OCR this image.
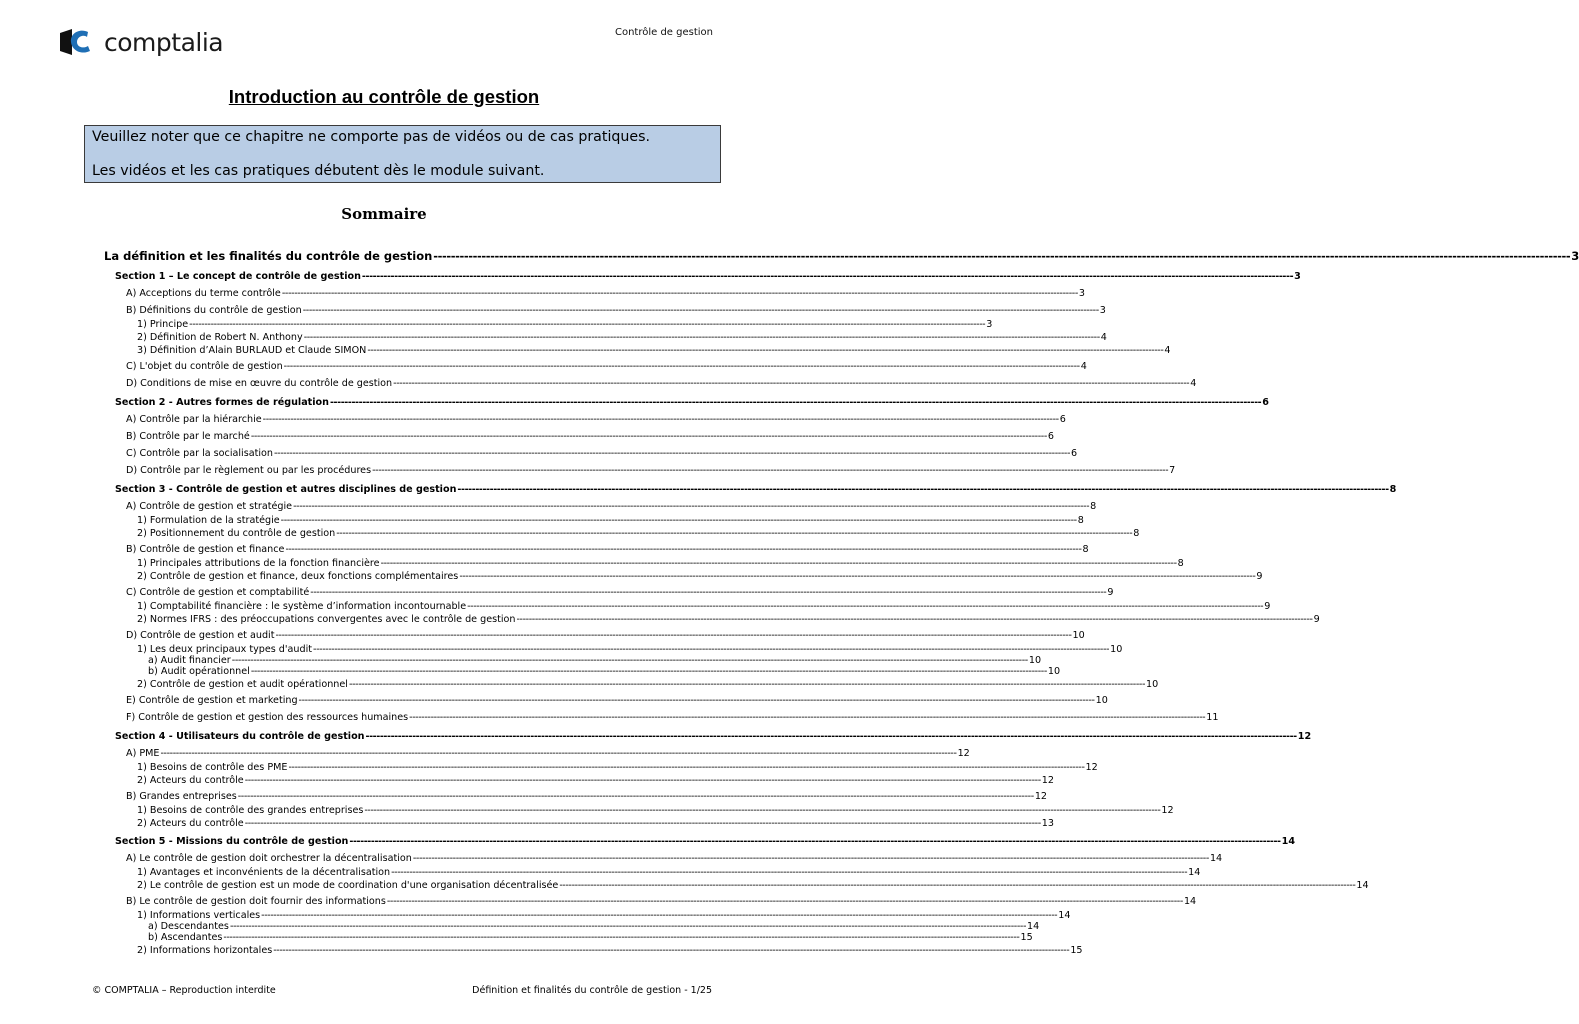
comptalia	Contrôle de gestion
Introduction au contrôle de gestion

Veuillez noter que ce chapitre ne comporte pas de vidéos ou de cas pratiques.

Les vidéos et les cas pratiques débutent dès le module suivant.

Sommaire
La définition et les finalités du contrôle de gestion -------------------------------------------------------------------------------------------------------------------------------------------------------------------------------------------------------------------------------------------------------------------- 3
Section 1 – Le concept de contrôle de gestion -------------------------------------------------------------------------------------------------------------------------------------------------------------------------------------------------------------------------------------------------------------------- 3
A) Acceptions du terme contrôle -------------------------------------------------------------------------------------------------------------------------------------------------------------------------------------------------------------------------------------------------------------------- 3
B) Définitions du contrôle de gestion -------------------------------------------------------------------------------------------------------------------------------------------------------------------------------------------------------------------------------------------------------------------- 3
1) Principe -------------------------------------------------------------------------------------------------------------------------------------------------------------------------------------------------------------------------------------------------------------------- 3
2) Définition de Robert N. Anthony -------------------------------------------------------------------------------------------------------------------------------------------------------------------------------------------------------------------------------------------------------------------- 4
3) Définition d’Alain BURLAUD et Claude SIMON -------------------------------------------------------------------------------------------------------------------------------------------------------------------------------------------------------------------------------------------------------------------- 4
C) L'objet du contrôle de gestion -------------------------------------------------------------------------------------------------------------------------------------------------------------------------------------------------------------------------------------------------------------------- 4
D) Conditions de mise en œuvre du contrôle de gestion -------------------------------------------------------------------------------------------------------------------------------------------------------------------------------------------------------------------------------------------------------------------- 4
Section 2 - Autres formes de régulation -------------------------------------------------------------------------------------------------------------------------------------------------------------------------------------------------------------------------------------------------------------------- 6
A) Contrôle par la hiérarchie -------------------------------------------------------------------------------------------------------------------------------------------------------------------------------------------------------------------------------------------------------------------- 6
B) Contrôle par le marché -------------------------------------------------------------------------------------------------------------------------------------------------------------------------------------------------------------------------------------------------------------------- 6
C) Contrôle par la socialisation -------------------------------------------------------------------------------------------------------------------------------------------------------------------------------------------------------------------------------------------------------------------- 6
D) Contrôle par le règlement ou par les procédures -------------------------------------------------------------------------------------------------------------------------------------------------------------------------------------------------------------------------------------------------------------------- 7
Section 3 - Contrôle de gestion et autres disciplines de gestion -------------------------------------------------------------------------------------------------------------------------------------------------------------------------------------------------------------------------------------------------------------------- 8
A) Contrôle de gestion et stratégie -------------------------------------------------------------------------------------------------------------------------------------------------------------------------------------------------------------------------------------------------------------------- 8
1) Formulation de la stratégie -------------------------------------------------------------------------------------------------------------------------------------------------------------------------------------------------------------------------------------------------------------------- 8
2) Positionnement du contrôle de gestion -------------------------------------------------------------------------------------------------------------------------------------------------------------------------------------------------------------------------------------------------------------------- 8
B) Contrôle de gestion et finance -------------------------------------------------------------------------------------------------------------------------------------------------------------------------------------------------------------------------------------------------------------------- 8
1) Principales attributions de la fonction financière -------------------------------------------------------------------------------------------------------------------------------------------------------------------------------------------------------------------------------------------------------------------- 8
2) Contrôle de gestion et finance, deux fonctions complémentaires -------------------------------------------------------------------------------------------------------------------------------------------------------------------------------------------------------------------------------------------------------------------- 9
C) Contrôle de gestion et comptabilité -------------------------------------------------------------------------------------------------------------------------------------------------------------------------------------------------------------------------------------------------------------------- 9
1) Comptabilité financière : le système d’information incontournable -------------------------------------------------------------------------------------------------------------------------------------------------------------------------------------------------------------------------------------------------------------------- 9
2) Normes IFRS : des préoccupations convergentes avec le contrôle de gestion -------------------------------------------------------------------------------------------------------------------------------------------------------------------------------------------------------------------------------------------------------------------- 9
D) Contrôle de gestion et audit -------------------------------------------------------------------------------------------------------------------------------------------------------------------------------------------------------------------------------------------------------------------- 10
1) Les deux principaux types d'audit -------------------------------------------------------------------------------------------------------------------------------------------------------------------------------------------------------------------------------------------------------------------- 10
a) Audit financier -------------------------------------------------------------------------------------------------------------------------------------------------------------------------------------------------------------------------------------------------------------------- 10
b) Audit opérationnel -------------------------------------------------------------------------------------------------------------------------------------------------------------------------------------------------------------------------------------------------------------------- 10
2) Contrôle de gestion et audit opérationnel -------------------------------------------------------------------------------------------------------------------------------------------------------------------------------------------------------------------------------------------------------------------- 10
E) Contrôle de gestion et marketing -------------------------------------------------------------------------------------------------------------------------------------------------------------------------------------------------------------------------------------------------------------------- 10
F) Contrôle de gestion et gestion des ressources humaines -------------------------------------------------------------------------------------------------------------------------------------------------------------------------------------------------------------------------------------------------------------------- 11
Section 4 - Utilisateurs du contrôle de gestion -------------------------------------------------------------------------------------------------------------------------------------------------------------------------------------------------------------------------------------------------------------------- 12
A) PME -------------------------------------------------------------------------------------------------------------------------------------------------------------------------------------------------------------------------------------------------------------------- 12
1) Besoins de contrôle des PME -------------------------------------------------------------------------------------------------------------------------------------------------------------------------------------------------------------------------------------------------------------------- 12
2) Acteurs du contrôle -------------------------------------------------------------------------------------------------------------------------------------------------------------------------------------------------------------------------------------------------------------------- 12
B) Grandes entreprises -------------------------------------------------------------------------------------------------------------------------------------------------------------------------------------------------------------------------------------------------------------------- 12
1) Besoins de contrôle des grandes entreprises -------------------------------------------------------------------------------------------------------------------------------------------------------------------------------------------------------------------------------------------------------------------- 12
2) Acteurs du contrôle -------------------------------------------------------------------------------------------------------------------------------------------------------------------------------------------------------------------------------------------------------------------- 13
Section 5 - Missions du contrôle de gestion -------------------------------------------------------------------------------------------------------------------------------------------------------------------------------------------------------------------------------------------------------------------- 14
A) Le contrôle de gestion doit orchestrer la décentralisation -------------------------------------------------------------------------------------------------------------------------------------------------------------------------------------------------------------------------------------------------------------------- 14
1) Avantages et inconvénients de la décentralisation -------------------------------------------------------------------------------------------------------------------------------------------------------------------------------------------------------------------------------------------------------------------- 14
2) Le contrôle de gestion est un mode de coordination d'une organisation décentralisée -------------------------------------------------------------------------------------------------------------------------------------------------------------------------------------------------------------------------------------------------------------------- 14
B) Le contrôle de gestion doit fournir des informations -------------------------------------------------------------------------------------------------------------------------------------------------------------------------------------------------------------------------------------------------------------------- 14
1) Informations verticales -------------------------------------------------------------------------------------------------------------------------------------------------------------------------------------------------------------------------------------------------------------------- 14
a) Descendantes -------------------------------------------------------------------------------------------------------------------------------------------------------------------------------------------------------------------------------------------------------------------- 14
b) Ascendantes -------------------------------------------------------------------------------------------------------------------------------------------------------------------------------------------------------------------------------------------------------------------- 15
2) Informations horizontales -------------------------------------------------------------------------------------------------------------------------------------------------------------------------------------------------------------------------------------------------------------------- 15
© COMPTALIA – Reproduction interdite	Définition et finalités du contrôle de gestion - 1/25
